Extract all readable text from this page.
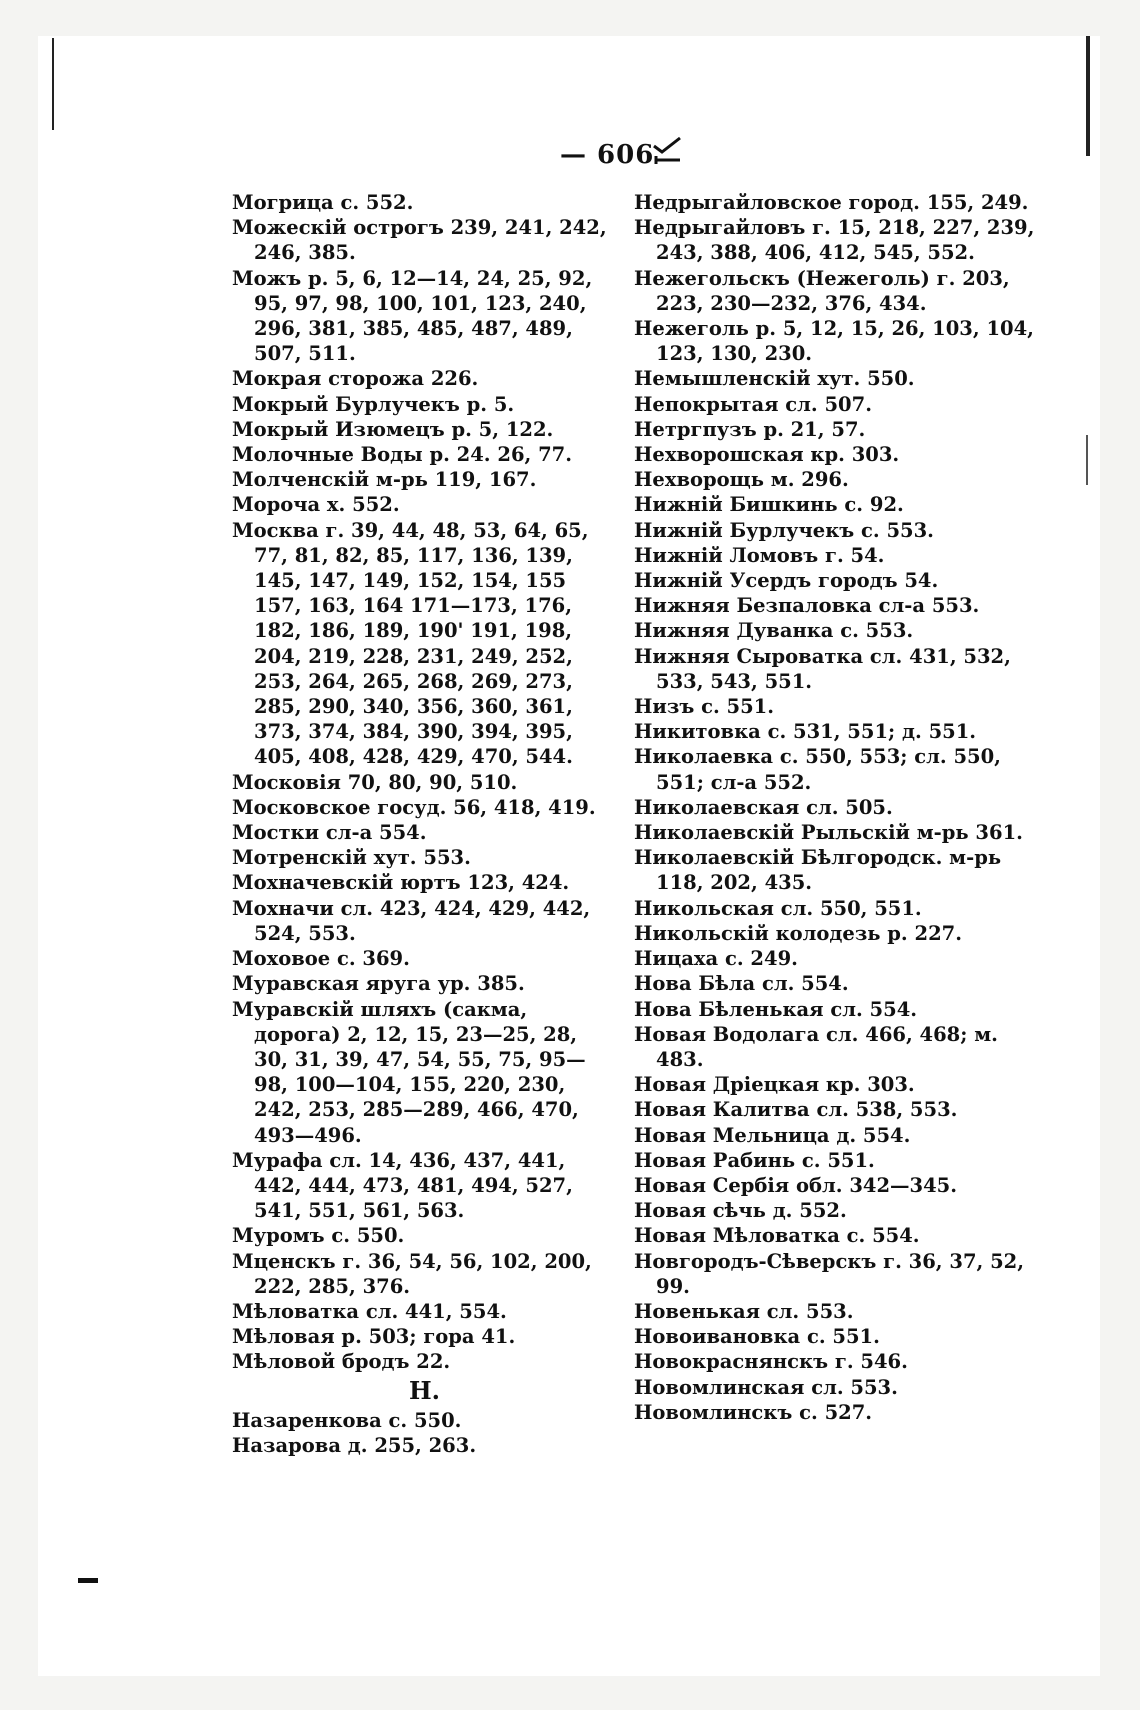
— 606

Могрица с. 552.

Можескій острогъ 239, 241, 242, 246, 385.

Можъ р. 5, 6, 12—14, 24, 25, 92, 95, 97, 98, 100, 101, 123, 240, 296, 381, 385, 485, 487, 489, 507, 511.

Мокрая сторожа 226.

Мокрый Бурлучекъ р. 5.

Мокрый Изюмецъ р. 5, 122.

Молочные Воды р. 24. 26, 77.

Молченскій м-рь 119, 167.

Мороча х. 552.

Москва г. 39, 44, 48, 53, 64, 65, 77, 81, 82, 85, 117, 136, 139, 145, 147, 149, 152, 154, 155 157, 163, 164 171—173, 176, 182, 186, 189, 190' 191, 198, 204, 219, 228, 231, 249, 252, 253, 264, 265, 268, 269, 273, 285, 290, 340, 356, 360, 361, 373, 374, 384, 390, 394, 395, 405, 408, 428, 429, 470, 544.

Московія 70, 80, 90, 510.

Московское госуд. 56, 418, 419.

Мостки сл-а 554.

Мотренскій хут. 553.

Мохначевскій юртъ 123, 424.

Мохначи сл. 423, 424, 429, 442, 524, 553.

Моховое с. 369.

Муравская яруга ур. 385.

Муравскій шляхъ (сакма, дорога) 2, 12, 15, 23—25, 28, 30, 31, 39, 47, 54, 55, 75, 95—98, 100—104, 155, 220, 230, 242, 253, 285—289, 466, 470, 493—496.

Мурафа сл. 14, 436, 437, 441, 442, 444, 473, 481, 494, 527, 541, 551, 561, 563.

Муромъ с. 550.

Мценскъ г. 36, 54, 56, 102, 200, 222, 285, 376.

Мѣловатка сл. 441, 554.

Мѣловая р. 503; гора 41.

Мѣловой бродъ 22.

Н.

Назаренкова с. 550.

Назарова д. 255, 263.

Недрыгайловское город. 155, 249.

Недрыгайловъ г. 15, 218, 227, 239, 243, 388, 406, 412, 545, 552.

Нежегольскъ (Нежеголь) г. 203, 223, 230—232, 376, 434.

Нежеголь р. 5, 12, 15, 26, 103, 104, 123, 130, 230.

Немышленскій хут. 550.

Непокрытая сл. 507.

Нетргпузъ р. 21, 57.

Нехворошская кр. 303.

Нехворощь м. 296.

Нижній Бишкинь с. 92.

Нижній Бурлучекъ с. 553.

Нижній Ломовъ г. 54.

Нижній Усердъ городъ 54.

Нижняя Безпаловка сл-а 553.

Нижняя Дуванка с. 553.

Нижняя Сыроватка сл. 431, 532, 533, 543, 551.

Низъ с. 551.

Никитовка с. 531, 551; д. 551.

Николаевка с. 550, 553; сл. 550, 551; сл-а 552.

Николаевская сл. 505.

Николаевскій Рыльскій м-рь 361.

Николаевскій Бѣлгородск. м-рь 118, 202, 435.

Никольская сл. 550, 551.

Никольскій колодезь р. 227.

Ницаха с. 249.

Нова Бѣла сл. 554.

Нова Бѣленькая сл. 554.

Новая Водолага сл. 466, 468; м. 483.

Новая Дріецкая кр. 303.

Новая Калитва сл. 538, 553.

Новая Мельница д. 554.

Новая Рабинь с. 551.

Новая Сербія обл. 342—345.

Новая сѣчь д. 552.

Новая Мѣловатка с. 554.

Новгородъ-Сѣверскъ г. 36, 37, 52, 99.

Новенькая сл. 553.

Новоивановка с. 551.

Новокраснянскъ г. 546.

Новомлинская сл. 553.

Новомлинскъ с. 527.
